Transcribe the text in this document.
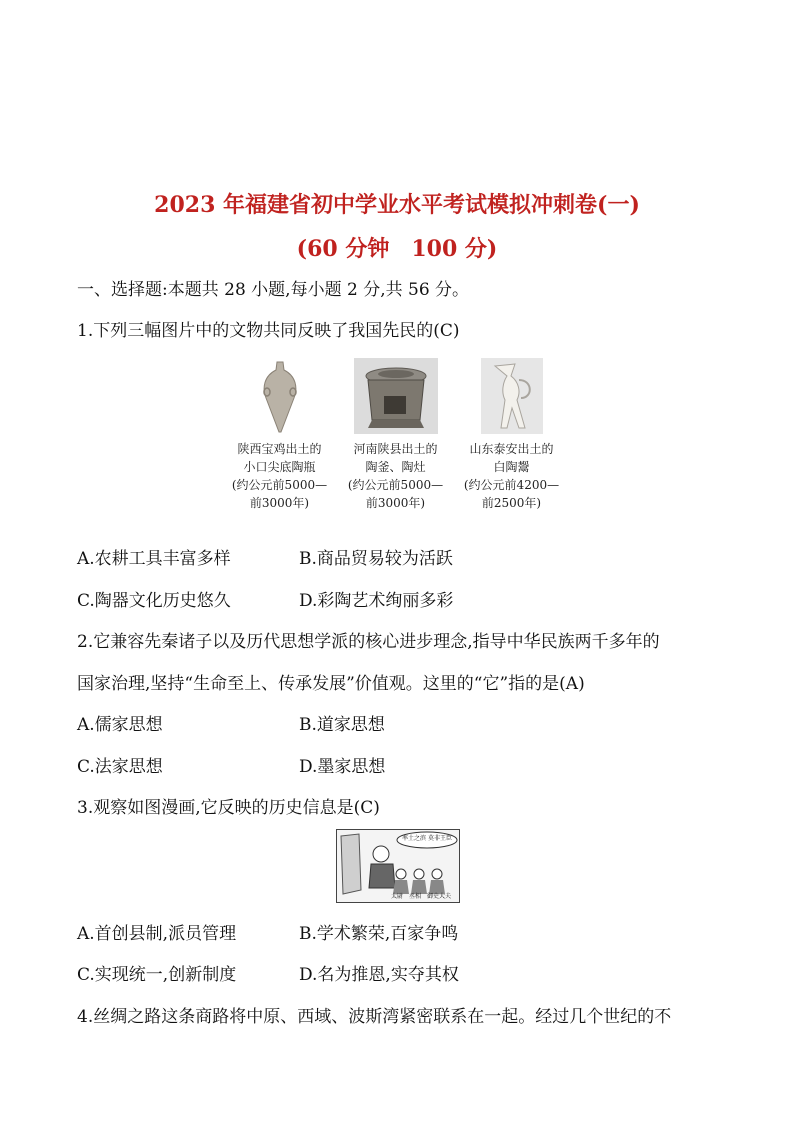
2023 年福建省初中学业水平考试模拟冲刺卷(一)
(60 分钟　100 分)
一、选择题:本题共 28 小题,每小题 2 分,共 56 分。
1.下列三幅图片中的文物共同反映了我国先民的(C)
陕西宝鸡出土的
小口尖底陶瓶
(约公元前5000—
前3000年)
河南陕县出土的
陶釜、陶灶
(约公元前5000—
前3000年)
山东泰安出土的
白陶鬶
(约公元前4200—
前2500年)
A.农耕工具丰富多样	B.商品贸易较为活跃
C.陶器文化历史悠久	D.彩陶艺术绚丽多彩
2.它兼容先秦诸子以及历代思想学派的核心进步理念,指导中华民族两千多年的
国家治理,坚持“生命至上、传承发展”价值观。这里的“它”指的是(A)
A.儒家思想	B.道家思想
C.法家思想	D.墨家思想
3.观察如图漫画,它反映的历史信息是(C)
率土之滨 莫非王臣
太尉　丞相　御史大夫
A.首创县制,派员管理	B.学术繁荣,百家争鸣
C.实现统一,创新制度	D.名为推恩,实夺其权
4.丝绸之路这条商路将中原、西域、波斯湾紧密联系在一起。经过几个世纪的不
